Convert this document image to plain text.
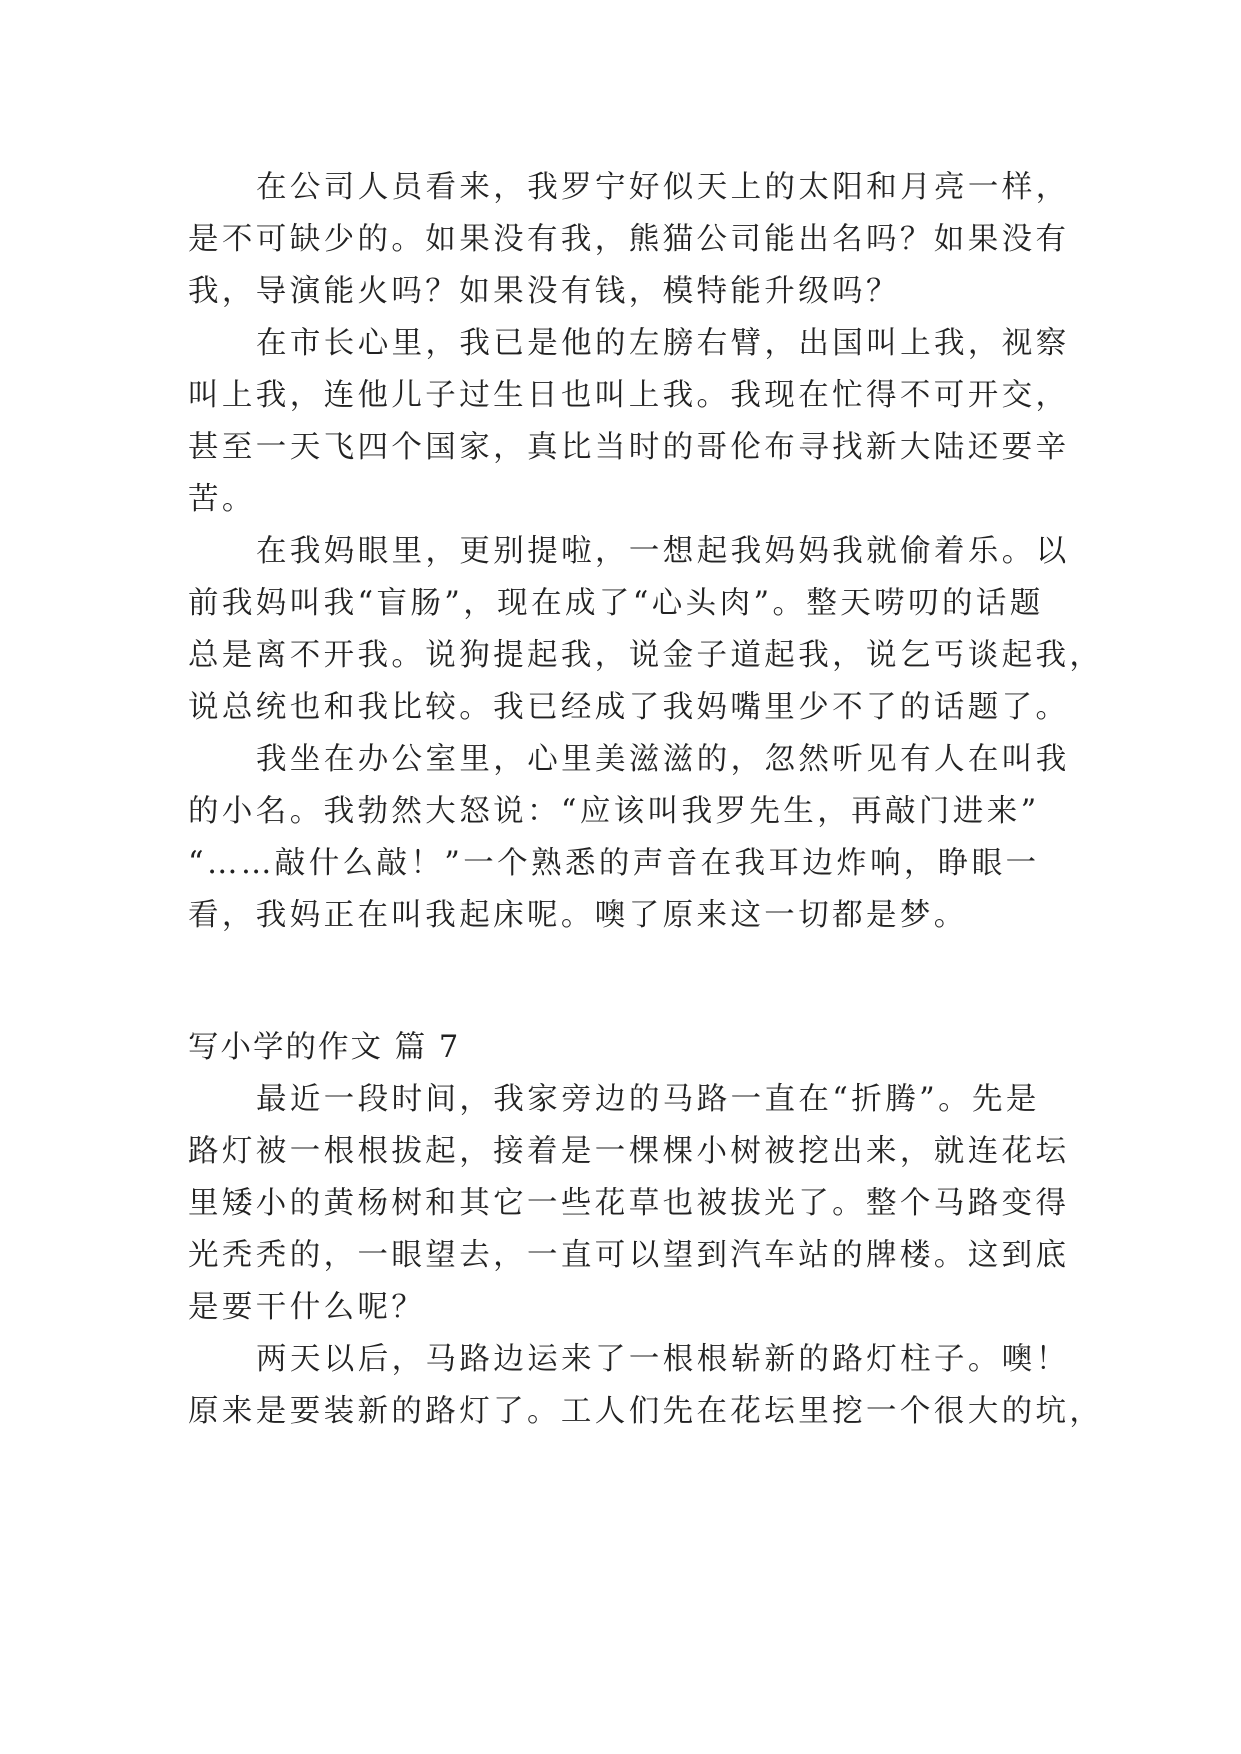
在公司人员看来，我罗宁好似天上的太阳和月亮一样，
是不可缺少的。如果没有我，熊猫公司能出名吗？如果没有
我，导演能火吗？如果没有钱，模特能升级吗？
在市长心里，我已是他的左膀右臂，出国叫上我，视察
叫上我，连他儿子过生日也叫上我。我现在忙得不可开交，
甚至一天飞四个国家，真比当时的哥伦布寻找新大陆还要辛
苦。
在我妈眼里，更别提啦，一想起我妈妈我就偷着乐。以
前我妈叫我“盲肠”，现在成了“心头肉”。整天唠叨的话题
总是离不开我。说狗提起我，说金子道起我，说乞丐谈起我，
说总统也和我比较。我已经成了我妈嘴里少不了的话题了。
我坐在办公室里，心里美滋滋的，忽然听见有人在叫我
的小名。我勃然大怒说：“应该叫我罗先生，再敲门进来”
“……敲什么敲！”一个熟悉的声音在我耳边炸响，睁眼一
看，我妈正在叫我起床呢。噢了原来这一切都是梦。
写小学的作文 篇 7
最近一段时间，我家旁边的马路一直在“折腾”。先是
路灯被一根根拔起，接着是一棵棵小树被挖出来，就连花坛
里矮小的黄杨树和其它一些花草也被拔光了。整个马路变得
光秃秃的，一眼望去，一直可以望到汽车站的牌楼。这到底
是要干什么呢？
两天以后，马路边运来了一根根崭新的路灯柱子。噢！
原来是要装新的路灯了。工人们先在花坛里挖一个很大的坑，
